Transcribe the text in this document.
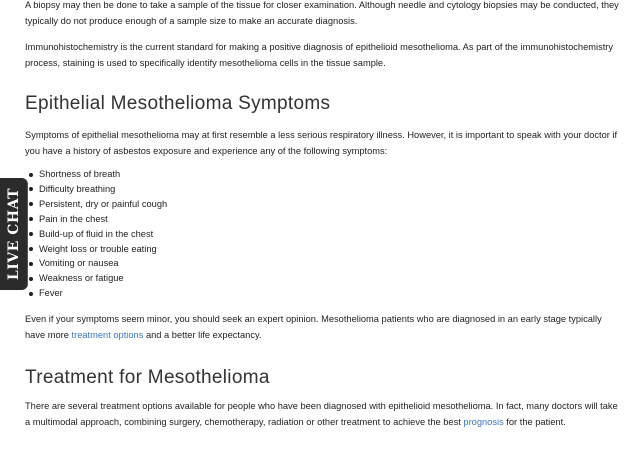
A biopsy may then be done to take a sample of the tissue for closer examination. Although needle and cytology biopsies may be conducted, they typically do not produce enough of a sample size to make an accurate diagnosis.

Immunohistochemistry is the current standard for making a positive diagnosis of epithelioid mesothelioma. As part of the immunohistochemistry process, staining is used to specifically identify mesothelioma cells in the tissue sample.

Epithelial Mesothelioma Symptoms

Symptoms of epithelial mesothelioma may at first resemble a less serious respiratory illness. However, it is important to speak with your doctor if you have a history of asbestos exposure and experience any of the following symptoms:

Shortness of breath
Difficulty breathing
Persistent, dry or painful cough
Pain in the chest
Build-up of fluid in the chest
Weight loss or trouble eating
Vomiting or nausea
Weakness or fatigue
Fever

Even if your symptoms seem minor, you should seek an expert opinion. Mesothelioma patients who are diagnosed in an early stage typically have more treatment options and a better life expectancy.

Treatment for Mesothelioma

There are several treatment options available for people who have been diagnosed with epithelioid mesothelioma. In fact, many doctors will take a multimodal approach, combining surgery, chemotherapy, radiation or other treatment to achieve the best prognosis for the patient.

LIVE CHAT
